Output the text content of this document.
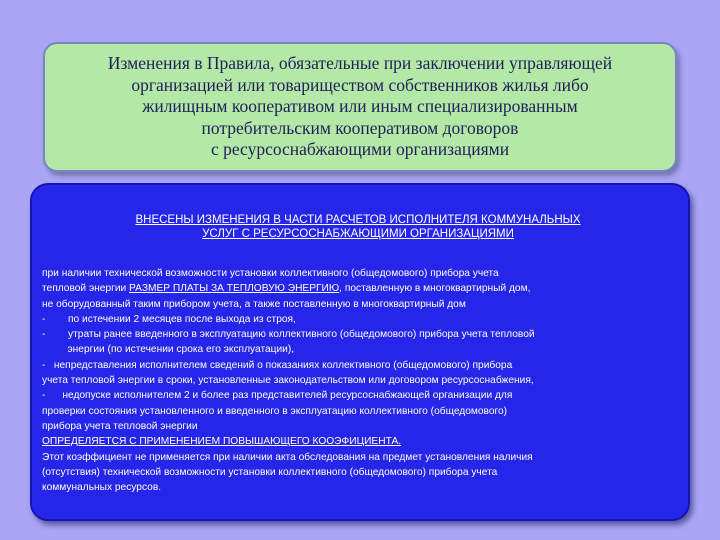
Изменения в Правила, обязательные при заключении управляющей
организацией или товариществом собственников жилья либо
жилищным кооперативом или иным специализированным
потребительским кооперативом договоров
с ресурсоснабжающими организациями
ВНЕСЕНЫ ИЗМЕНЕНИЯ В ЧАСТИ РАСЧЕТОВ ИСПОЛНИТЕЛЯ КОММУНАЛЬНЫХ
УСЛУГ С РЕСУРСОСНАБЖАЮЩИМИ ОРГАНИЗАЦИЯМИ
при наличии технической возможности установки коллективного (общедомового) прибора учета
тепловой энергии РАЗМЕР ПЛАТЫ ЗА ТЕПЛОВУЮ ЭНЕРГИЮ, поставленную в многоквартирный дом,
не оборудованный таким прибором учета, а также поставленную в многоквартирный дом
-        по истечении 2 месяцев после выхода из строя,
-        утраты ранее введенного в эксплуатацию коллективного (общедомового) прибора учета тепловой
энергии (по истечении срока его эксплуатации),
-   непредставления исполнителем сведений о показаниях коллективного (общедомового) прибора
учета тепловой энергии в сроки, установленные законодательством или договором ресурсоснабжения,
-      недопуске исполнителем 2 и более раз представителей ресурсоснабжающей организации для
проверки состояния установленного и введенного в эксплуатацию коллективного (общедомового)
прибора учета тепловой энергии
ОПРЕДЕЛЯЕТСЯ С ПРИМЕНЕНИЕМ ПОВЫШАЮЩЕГО КООЭФИЦИЕНТА.
Этот коэффициент не применяется при наличии акта обследования на предмет установления наличия
(отсутствия) технической возможности установки коллективного (общедомового) прибора учета
коммунальных ресурсов.
